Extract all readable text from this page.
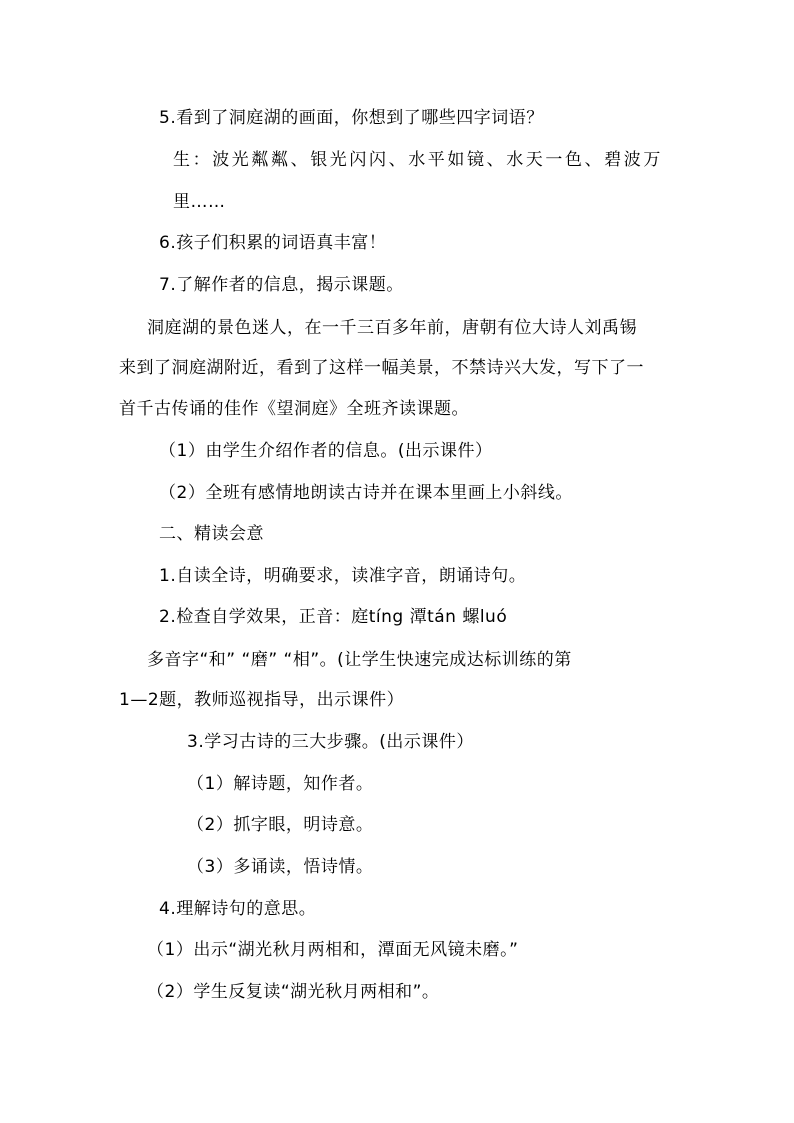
5.看到了洞庭湖的画面，你想到了哪些四字词语？
生：波光粼粼、银光闪闪、水平如镜、水天一色、碧波万
里……
6.孩子们积累的词语真丰富！
7.了解作者的信息，揭示课题。
洞庭湖的景色迷人，在一千三百多年前，唐朝有位大诗人刘禹锡
来到了洞庭湖附近，看到了这样一幅美景，不禁诗兴大发，写下了一
首千古传诵的佳作《望洞庭》全班齐读课题。
（1）由学生介绍作者的信息。(出示课件）
（2）全班有感情地朗读古诗并在课本里画上小斜线。
二、精读会意
1.自读全诗，明确要求，读准字音，朗诵诗句。
2.检查自学效果，正音：庭tíng 潭tán 螺luó
多音字“和” “磨” “相”。(让学生快速完成达标训练的第
1—2题，教师巡视指导，出示课件）
3.学习古诗的三大步骤。(出示课件）
（1）解诗题，知作者。
（2）抓字眼，明诗意。
（3）多诵读，悟诗情。
4.理解诗句的意思。
（1）出示“湖光秋月两相和，潭面无风镜未磨。”
（2）学生反复读“湖光秋月两相和”。
